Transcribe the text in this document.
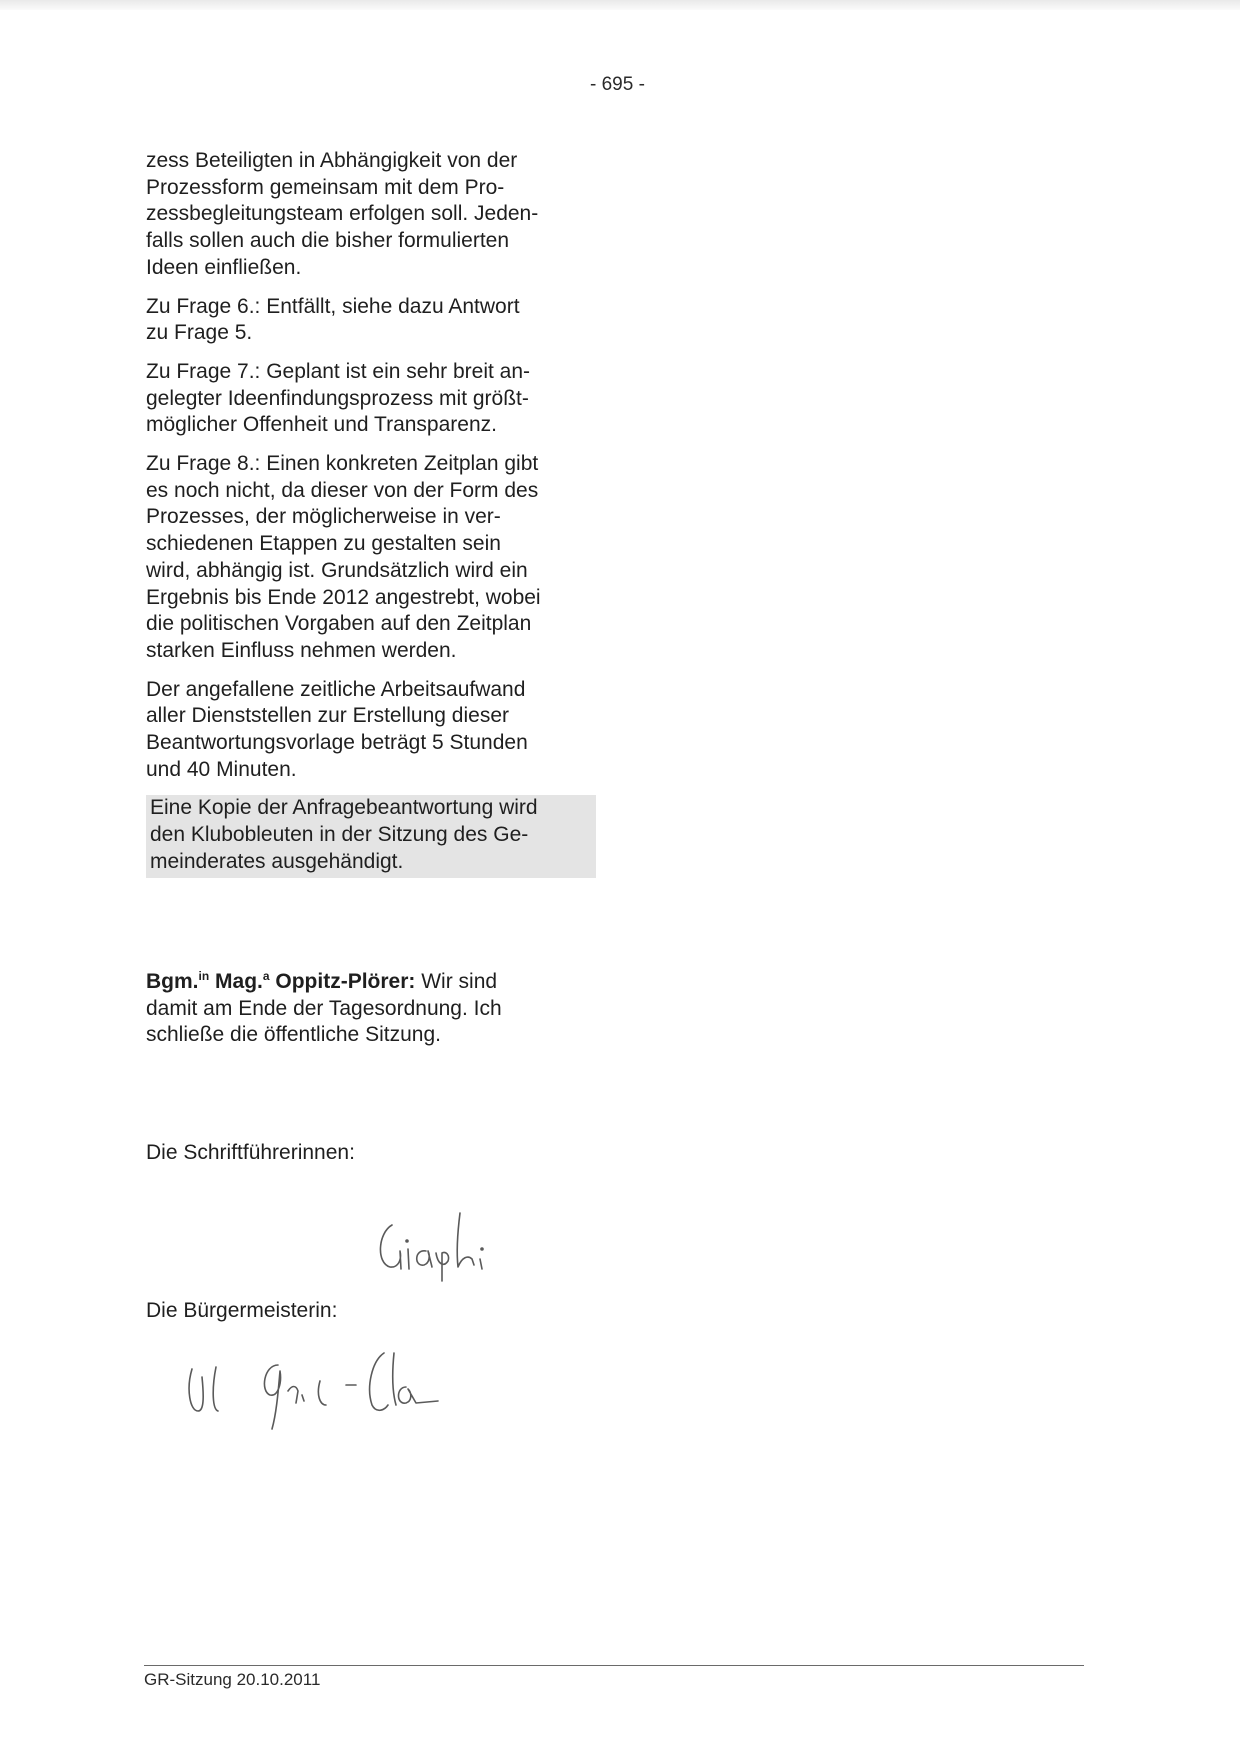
- 695 -

zess Beteiligten in Abhängigkeit von der
Prozessform gemeinsam mit dem Pro-
zessbegleitungsteam erfolgen soll. Jeden-
falls sollen auch die bisher formulierten
Ideen einfließen.

Zu Frage 6.: Entfällt, siehe dazu Antwort
zu Frage 5.

Zu Frage 7.: Geplant ist ein sehr breit an-
gelegter Ideenfindungsprozess mit größt-
möglicher Offenheit und Transparenz.

Zu Frage 8.: Einen konkreten Zeitplan gibt
es noch nicht, da dieser von der Form des
Prozesses, der möglicherweise in ver-
schiedenen Etappen zu gestalten sein
wird, abhängig ist. Grundsätzlich wird ein
Ergebnis bis Ende 2012 angestrebt, wobei
die politischen Vorgaben auf den Zeitplan
starken Einfluss nehmen werden.

Der angefallene zeitliche Arbeitsaufwand
aller Dienststellen zur Erstellung dieser
Beantwortungsvorlage beträgt 5 Stunden
und 40 Minuten.

Eine Kopie der Anfragebeantwortung wird
den Klubobleuten in der Sitzung des Ge-
meinderates ausgehändigt.

Bgm.$^{in}$ Mag.$^a$ Oppitz-Plörer: Wir sind
damit am Ende der Tagesordnung. Ich
schließe die öffentliche Sitzung.
Die Schriftführerinnen:
Die Bürgermeisterin:
GR-Sitzung 20.10.2011
